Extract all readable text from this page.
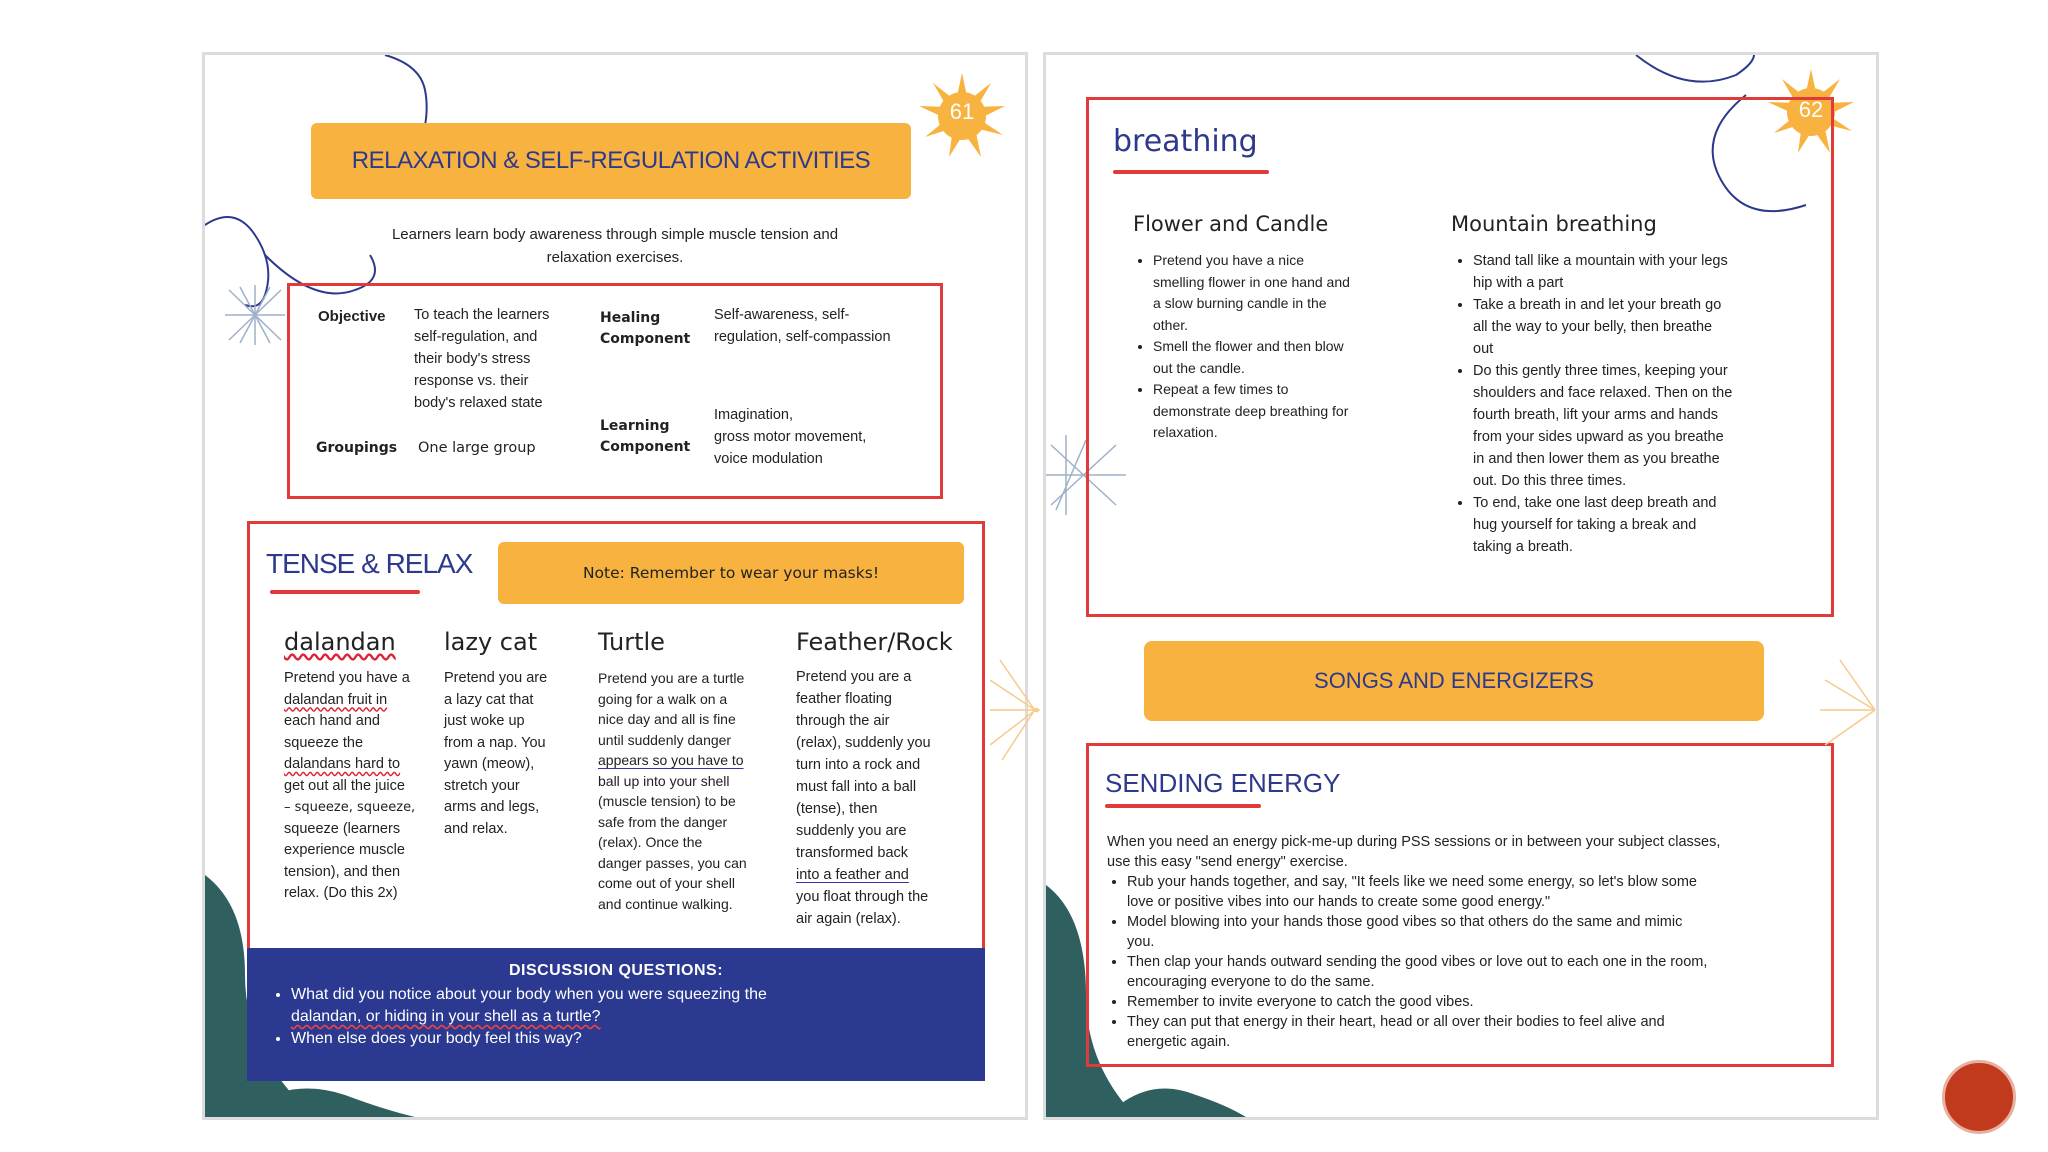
61
RELAXATION & SELF-REGULATION ACTIVITIES
Learners learn body awareness through simple muscle tension and
relaxation exercises.
Objective To teach the learners
self-regulation, and
their body's stress
response vs. their
body's relaxed state
Healing
Component
Self-awareness, self-
regulation, self-compassion
Learning
Component
Imagination,
gross motor movement,
voice modulation
Groupings One large group
TENSE & RELAX	Note: Remember to wear your masks!
dalandan
Pretend you have a
dalandan fruit in
each hand and
squeeze the
dalandans hard to
get out all the juice
– squeeze, squeeze,
squeeze (learners
experience muscle
tension), and then
relax. (Do this 2x)
lazy cat
Pretend you are
a lazy cat that
just woke up
from a nap. You
yawn (meow),
stretch your
arms and legs,
and relax.
Turtle
Pretend you are a turtle
going for a walk on a
nice day and all is fine
until suddenly danger
appears so you have to
ball up into your shell
(muscle tension) to be
safe from the danger
(relax). Once the
danger passes, you can
come out of your shell
and continue walking.
Feather/Rock
Pretend you are a
feather floating
through the air
(relax), suddenly you
turn into a rock and
must fall into a ball
(tense), then
suddenly you are
transformed back
into a feather and
you float through the
air again (relax).
DISCUSSION QUESTIONS:
• What did you notice about your body when you were squeezing the
dalandan, or hiding in your shell as a turtle?
• When else does your body feel this way?
62
breathing
Flower and Candle
• Pretend you have a nice
smelling flower in one hand and
a slow burning candle in the
other.
• Smell the flower and then blow
out the candle.
• Repeat a few times to
demonstrate deep breathing for
relaxation.
Mountain breathing
• Stand tall like a mountain with your legs
hip with a part
• Take a breath in and let your breath go
all the way to your belly, then breathe
out
• Do this gently three times, keeping your
shoulders and face relaxed. Then on the
fourth breath, lift your arms and hands
from your sides upward as you breathe
in and then lower them as you breathe
out. Do this three times.
• To end, take one last deep breath and
hug yourself for taking a break and
taking a breath.
SONGS AND ENERGIZERS
SENDING ENERGY
When you need an energy pick-me-up during PSS sessions or in between your subject classes,
use this easy "send energy" exercise.
• Rub your hands together, and say, "It feels like we need some energy, so let's blow some
love or positive vibes into our hands to create some good energy."
• Model blowing into your hands those good vibes so that others do the same and mimic
you.
• Then clap your hands outward sending the good vibes or love out to each one in the room,
encouraging everyone to do the same.
• Remember to invite everyone to catch the good vibes.
• They can put that energy in their heart, head or all over their bodies to feel alive and
energetic again.
